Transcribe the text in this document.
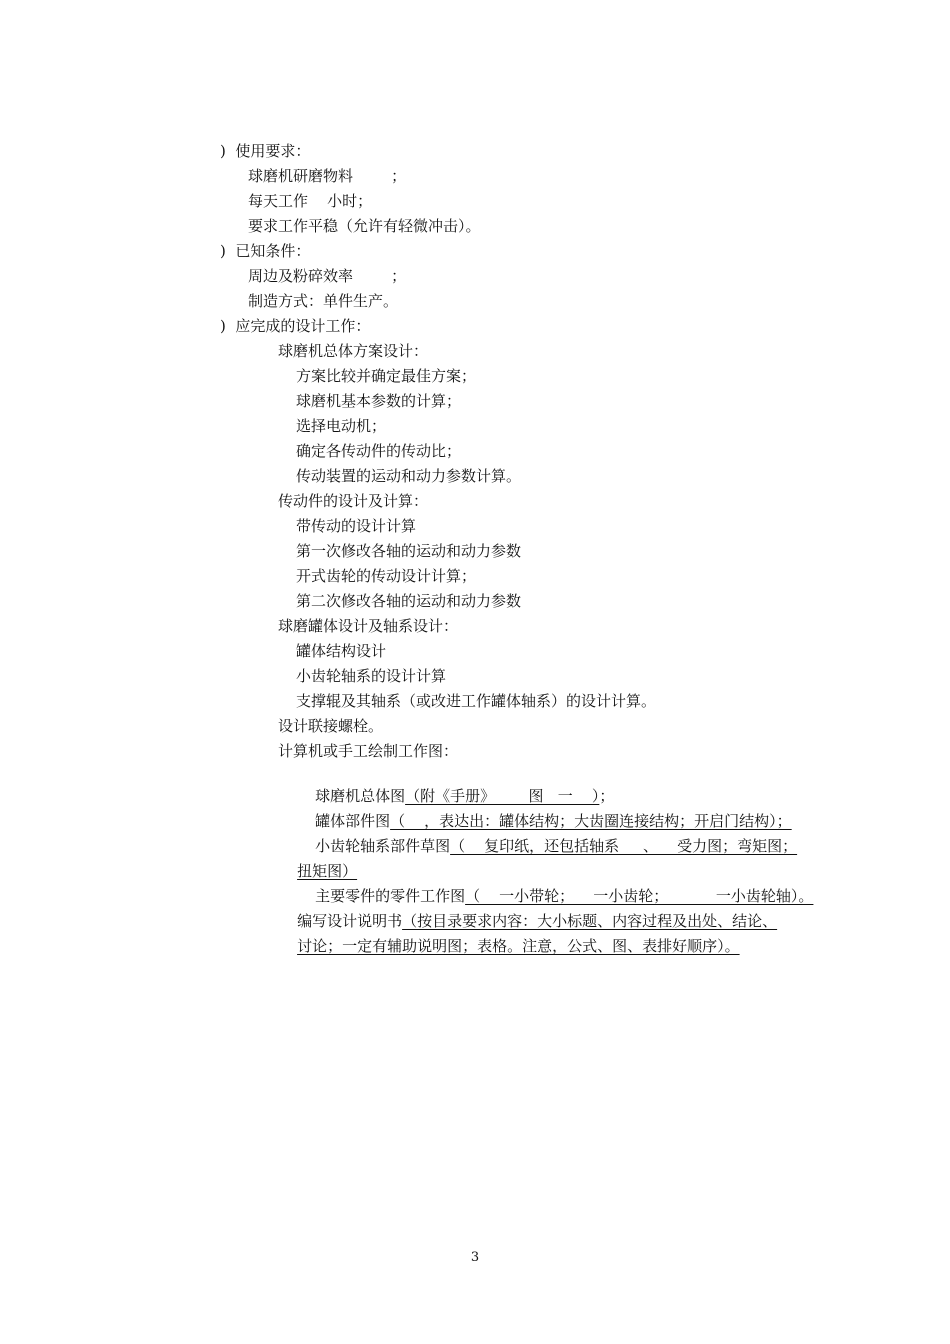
)  使用要求：
球磨机研磨物料        ；
每天工作    小时；
要求工作平稳（允许有轻微冲击）。
)  已知条件：
周边及粉碎效率        ；
制造方式：单件生产。
)  应完成的设计工作：
球磨机总体方案设计：
方案比较并确定最佳方案；
球磨机基本参数的计算；
选择电动机；
确定各传动件的传动比；
传动装置的运动和动力参数计算。
传动件的设计及计算：
带传动的设计计算
第一次修改各轴的运动和动力参数
开式齿轮的传动设计计算；
第二次修改各轴的运动和动力参数
球磨罐体设计及轴系设计：
罐体结构设计
小齿轮轴系的设计计算
支撑辊及其轴系（或改进工作罐体轴系）的设计计算。
设计联接螺栓。
计算机或手工绘制工作图：

球磨机总体图（附《手册》       图   一    ）；

罐体部件图（    ，表达出：罐体结构；大齿圈连接结构；开启门结构）；

小齿轮轴系部件草图（    复印纸，还包括轴系     、    受力图；弯矩图；

扭矩图）

主要零件的零件工作图（    一小带轮；    一小齿轮；          一小齿轮轴）。

编写设计说明书（按目录要求内容：大小标题、内容过程及出处、结论、

讨论；一定有辅助说明图；表格。注意，公式、图、表排好顺序）。

3
